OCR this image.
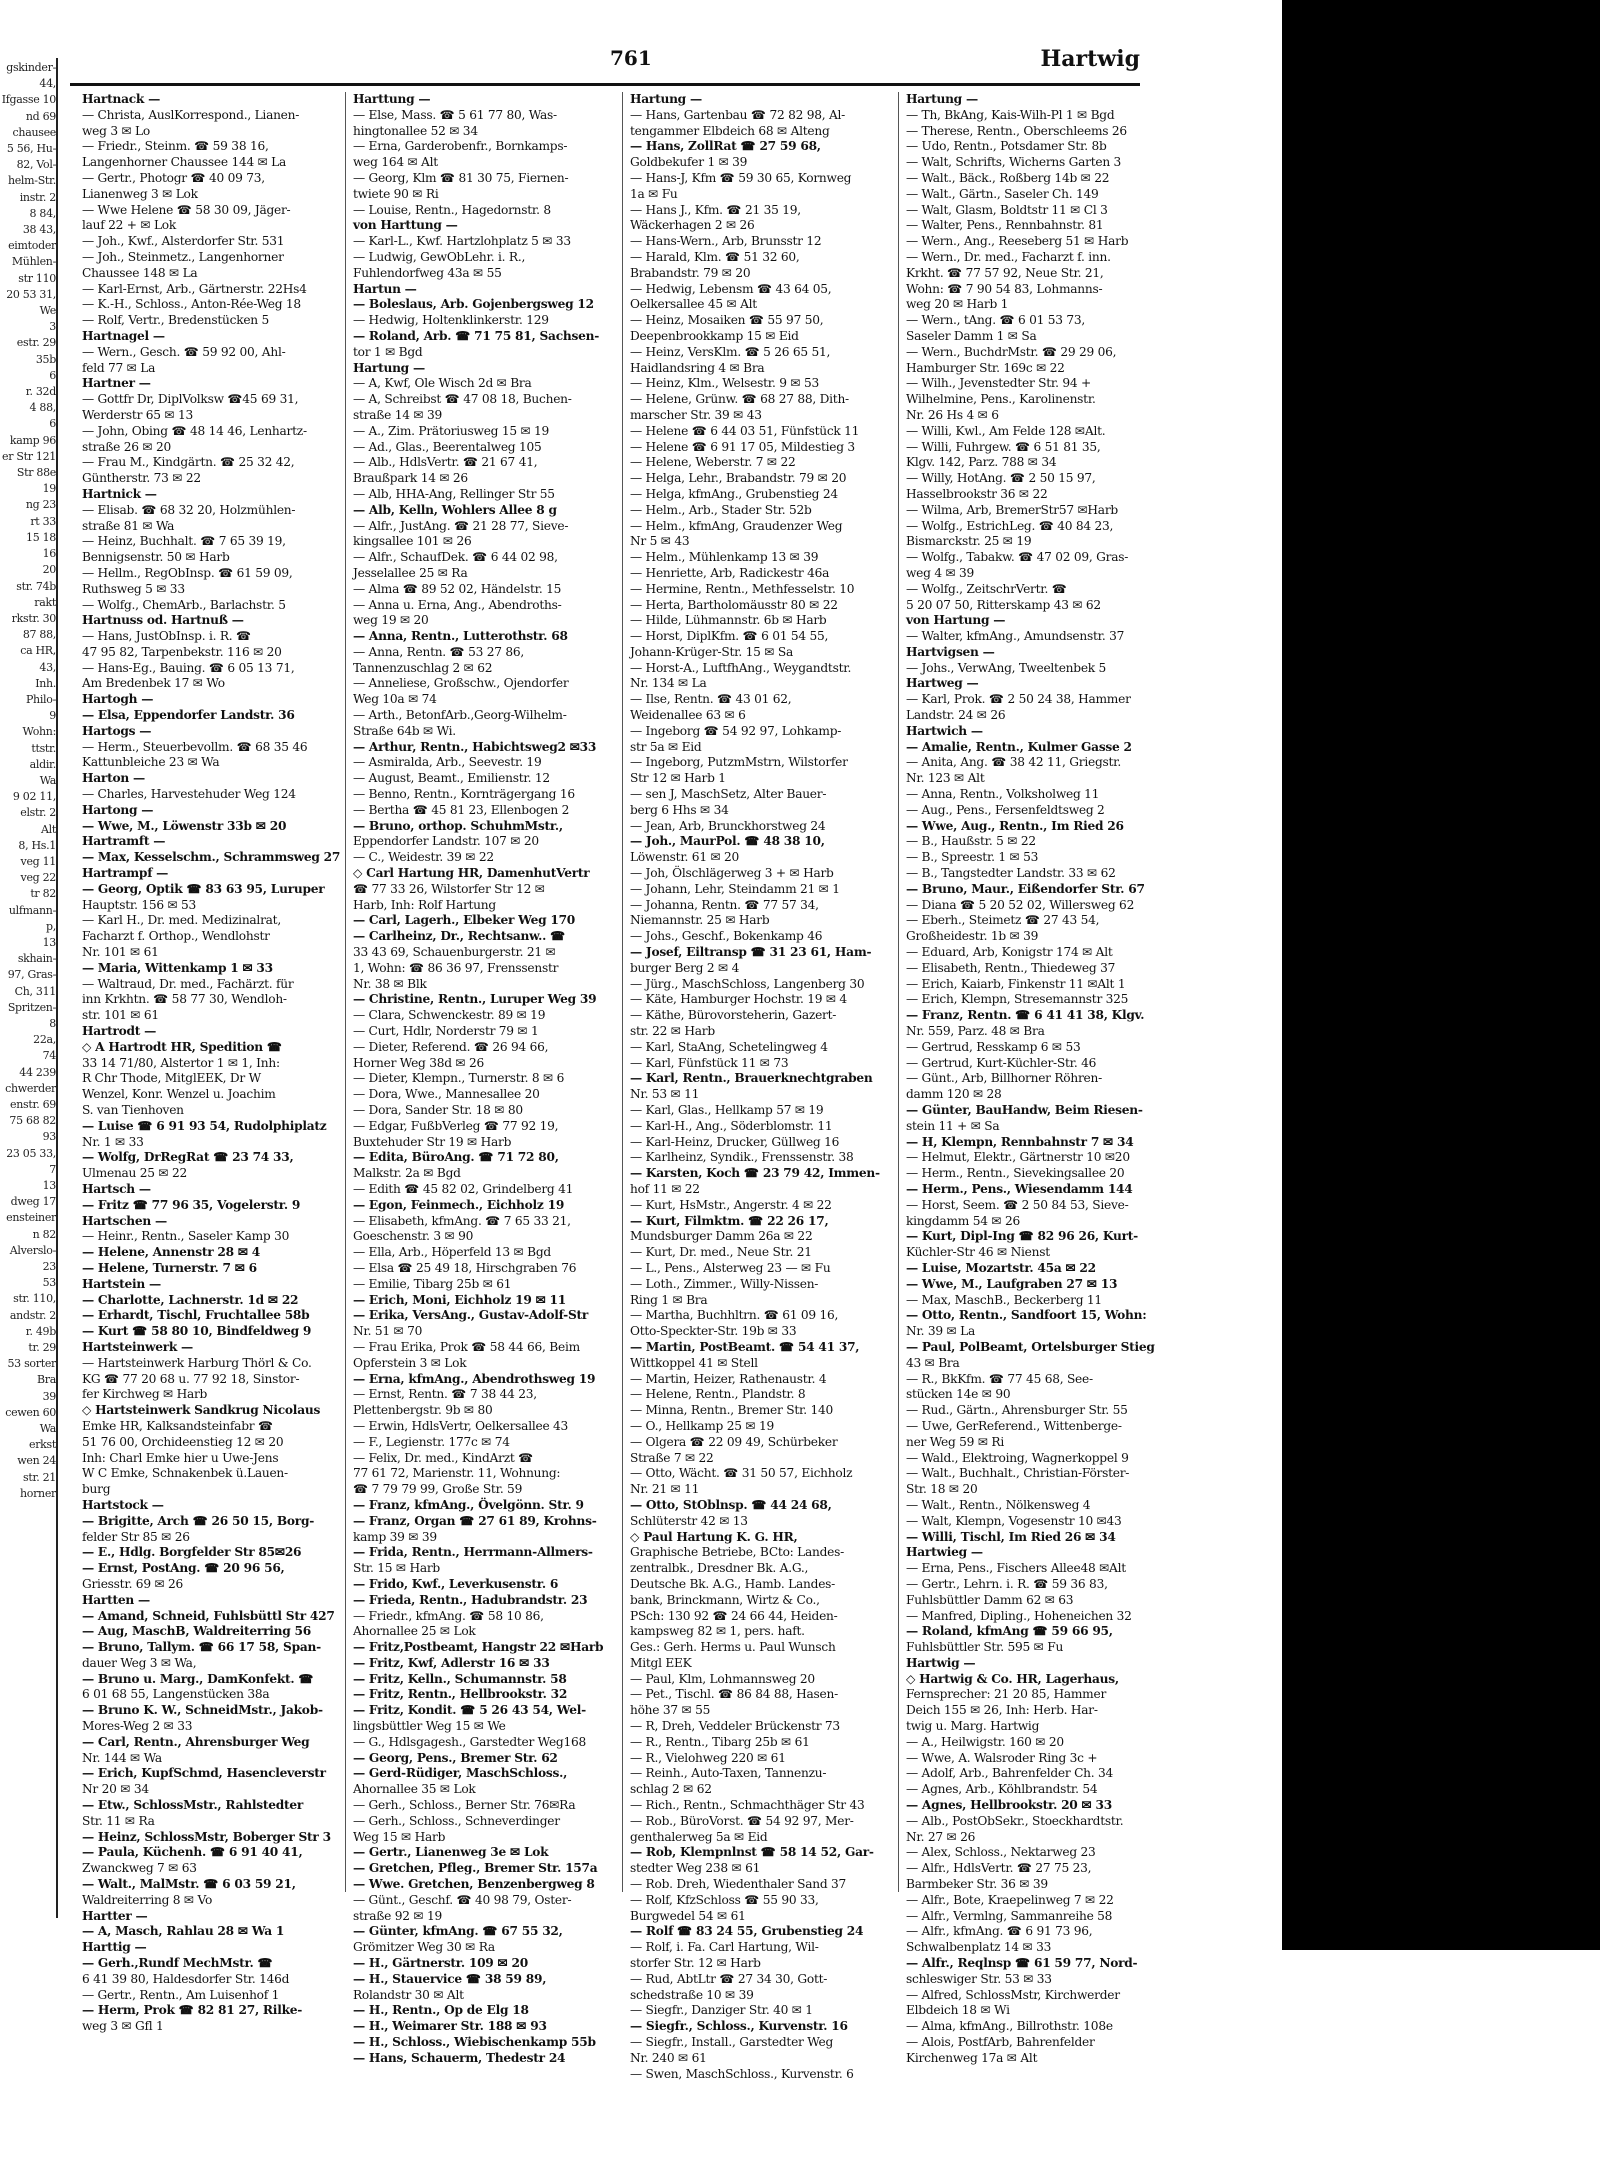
gskinder-
44,
Ifgasse 10
nd 69
chausee
5 56, Hu-
82, Vol-
helm-Str.
instr. 2
8 84,
38 43,
eimtoder
Mühlen-
str 110
20 53 31,
We
3
estr. 29
35b
6
r. 32d
4 88,
6
kamp 96
er Str 121
Str 88e
19
ng 23
rt 33
15 18
16
20
str. 74b
rakt
rkstr. 30
87 88,
ca HR,
43,
Inh.
Philo-
9
Wohn:
ttstr.
aldir.
Wa
9 02 11,
elstr. 2
Alt
8, Hs.1
veg 11
veg 22
tr 82
ulfmann-
p,
13
skhain-
97, Gras-
Ch, 311
Spritzen-
8
22a,
74
44 239
chwerder
enstr. 69
75 68 82
93
23 05 33,
7
13
dweg 17
ensteiner
n 82
Alverslo-
23
53
str. 110,
andstr. 2
r. 49b
tr. 29
53 sorter
Bra
39
cewen 60
Wa
erkst
wen 24
str. 21
horner
761	Hartwig
Hartnack —
— Christa, AuslKorrespond., Lianen-
weg 3 ✉ Lo
— Friedr., Steinm. ☎ 59 38 16,
Langenhorner Chaussee 144 ✉ La
— Gertr., Photogr ☎ 40 09 73,
Lianenweg 3 ✉ Lok
— Wwe Helene ☎ 58 30 09, Jäger-
lauf 22 + ✉ Lok
— Joh., Kwf., Alsterdorfer Str. 531
— Joh., Steinmetz., Langenhorner
Chaussee 148 ✉ La
— Karl-Ernst, Arb., Gärtnerstr. 22Hs4
— K.-H., Schloss., Anton-Rée-Weg 18
— Rolf, Vertr., Bredenstücken 5
Hartnagel —
— Wern., Gesch. ☎ 59 92 00, Ahl-
feld 77 ✉ La
Hartner —
— Gottfr Dr, DiplVolksw ☎45 69 31,
Werderstr 65 ✉ 13
— John, Obing ☎ 48 14 46, Lenhartz-
straße 26 ✉ 20
— Frau M., Kindgärtn. ☎ 25 32 42,
Güntherstr. 73 ✉ 22
Hartnick —
— Elisab. ☎ 68 32 20, Holzmühlen-
straße 81 ✉ Wa
— Heinz, Buchhalt. ☎ 7 65 39 19,
Bennigsenstr. 50 ✉ Harb
— Hellm., RegObInsp. ☎ 61 59 09,
Ruthsweg 5 ✉ 33
— Wolfg., ChemArb., Barlachstr. 5
Hartnuss od. Hartnuß —
— Hans, JustObInsp. i. R. ☎
47 95 82, Tarpenbekstr. 116 ✉ 20
— Hans-Eg., Bauing. ☎ 6 05 13 71,
Am Bredenbek 17 ✉ Wo
Hartogh —
— Elsa, Eppendorfer Landstr. 36
Hartogs —
— Herm., Steuerbevollm. ☎ 68 35 46
Kattunbleiche 23 ✉ Wa
Harton —
— Charles, Harvestehuder Weg 124
Hartong —
— Wwe, M., Löwenstr 33b ✉ 20
Hartramft —
— Max, Kesselschm., Schrammsweg 27
Hartrampf —
— Georg, Optik ☎ 83 63 95, Luruper
Hauptstr. 156 ✉ 53
— Karl H., Dr. med. Medizinalrat,
Facharzt f. Orthop., Wendlohstr
Nr. 101 ✉ 61
— Maria, Wittenkamp 1 ✉ 33
— Waltraud, Dr. med., Fachärzt. für
inn Krkhtn. ☎ 58 77 30, Wendloh-
str. 101 ✉ 61
Hartrodt —
◇ A Hartrodt HR, Spedition ☎
33 14 71/80, Alstertor 1 ✉ 1, Inh:
R Chr Thode, MitglEEK, Dr W
Wenzel, Konr. Wenzel u. Joachim
S. van Tienhoven
— Luise ☎ 6 91 93 54, Rudolphiplatz
Nr. 1 ✉ 33
— Wolfg, DrRegRat ☎ 23 74 33,
Ulmenau 25 ✉ 22
Hartsch —
— Fritz ☎ 77 96 35, Vogelerstr. 9
Hartschen —
— Heinr., Rentn., Saseler Kamp 30
— Helene, Annenstr 28 ✉ 4
— Helene, Turnerstr. 7 ✉ 6
Hartstein —
— Charlotte, Lachnerstr. 1d ✉ 22
— Erhardt, Tischl, Fruchtallee 58b
— Kurt ☎ 58 80 10, Bindfeldweg 9
Hartsteinwerk —
— Hartsteinwerk Harburg Thörl & Co.
KG ☎ 77 20 68 u. 77 92 18, Sinstor-
fer Kirchweg ✉ Harb
◇ Hartsteinwerk Sandkrug Nicolaus
Emke HR, Kalksandsteinfabr ☎
51 76 00, Orchideenstieg 12 ✉ 20
Inh: Charl Emke hier u Uwe-Jens
W C Emke, Schnakenbek ü.Lauen-
burg
Hartstock —
— Brigitte, Arch ☎ 26 50 15, Borg-
felder Str 85 ✉ 26
— E., Hdlg. Borgfelder Str 85✉26
— Ernst, PostAng. ☎ 20 96 56,
Griesstr. 69 ✉ 26
Hartten —
— Amand, Schneid, Fuhlsbüttl Str 427
— Aug, MaschB, Waldreiterring 56
— Bruno, Tallym. ☎ 66 17 58, Span-
dauer Weg 3 ✉ Wa,
— Bruno u. Marg., DamKonfekt. ☎
6 01 68 55, Langenstücken 38a
— Bruno K. W., SchneidMstr., Jakob-
Mores-Weg 2 ✉ 33
— Carl, Rentn., Ahrensburger Weg
Nr. 144 ✉ Wa
— Erich, KupfSchmd, Hasencleverstr
Nr 20 ✉ 34
— Etw., SchlossMstr., Rahlstedter
Str. 11 ✉ Ra
— Heinz, SchlossMstr, Boberger Str 3
— Paula, Küchenh. ☎ 6 91 40 41,
Zwanckweg 7 ✉ 63
— Walt., MalMstr. ☎ 6 03 59 21,
Waldreiterring 8 ✉ Vo
Hartter —
— A, Masch, Rahlau 28 ✉ Wa 1
Harttig —
— Gerh.,Rundf MechMstr. ☎
6 41 39 80, Haldesdorfer Str. 146d
— Gertr., Rentn., Am Luisenhof 1
— Herm, Prok ☎ 82 81 27, Rilke-
weg 3 ✉ Gfl 1
Harttung —
— Else, Mass. ☎ 5 61 77 80, Was-
hingtonallee 52 ✉ 34
— Erna, Garderobenfr., Bornkamps-
weg 164 ✉ Alt
— Georg, Klm ☎ 81 30 75, Fiernen-
twiete 90 ✉ Ri
— Louise, Rentn., Hagedornstr. 8
von Harttung —
— Karl-L., Kwf. Hartzlohplatz 5 ✉ 33
— Ludwig, GewObLehr. i. R.,
Fuhlendorfweg 43a ✉ 55
Hartun —
— Boleslaus, Arb. Gojenbergsweg 12
— Hedwig, Holtenklinkerstr. 129
— Roland, Arb. ☎ 71 75 81, Sachsen-
tor 1 ✉ Bgd
Hartung —
— A, Kwf, Ole Wisch 2d ✉ Bra
— A, Schreibst ☎ 47 08 18, Buchen-
straße 14 ✉ 39
— A., Zim. Prätoriusweg 15 ✉ 19
— Ad., Glas., Beerentalweg 105
— Alb., HdlsVertr. ☎ 21 67 41,
Braußpark 14 ✉ 26
— Alb, HHA-Ang, Rellinger Str 55
— Alb, Kelln, Wohlers Allee 8 g
— Alfr., JustAng. ☎ 21 28 77, Sieve-
kingsallee 101 ✉ 26
— Alfr., SchaufDek. ☎ 6 44 02 98,
Jesselallee 25 ✉ Ra
— Alma ☎ 89 52 02, Händelstr. 15
— Anna u. Erna, Ang., Abendroths-
weg 19 ✉ 20
— Anna, Rentn., Lutterothstr. 68
— Anna, Rentn. ☎ 53 27 86,
Tannenzuschlag 2 ✉ 62
— Anneliese, Großschw., Ojendorfer
Weg 10a ✉ 74
— Arth., BetonfArb.,Georg-Wilhelm-
Straße 64b ✉ Wi.
— Arthur, Rentn., Habichtsweg2 ✉33
— Asmiralda, Arb., Seevestr. 19
— August, Beamt., Emilienstr. 12
— Benno, Rentn., Kornträgergang 16
— Bertha ☎ 45 81 23, Ellenbogen 2
— Bruno, orthop. SchuhmMstr.,
Eppendorfer Landstr. 107 ✉ 20
— C., Weidestr. 39 ✉ 22
◇ Carl Hartung HR, DamenhutVertr
☎ 77 33 26, Wilstorfer Str 12 ✉
Harb, Inh: Rolf Hartung
— Carl, Lagerh., Elbeker Weg 170
— Carlheinz, Dr., Rechtsanw.. ☎
33 43 69, Schauenburgerstr. 21 ✉
1, Wohn: ☎ 86 36 97, Frenssenstr
Nr. 38 ✉ Blk
— Christine, Rentn., Luruper Weg 39
— Clara, Schwenckestr. 89 ✉ 19
— Curt, Hdlr, Norderstr 79 ✉ 1
— Dieter, Referend. ☎ 26 94 66,
Horner Weg 38d ✉ 26
— Dieter, Klempn., Turnerstr. 8 ✉ 6
— Dora, Wwe., Mannesallee 20
— Dora, Sander Str. 18 ✉ 80
— Edgar, FußbVerleg ☎ 77 92 19,
Buxtehuder Str 19 ✉ Harb
— Edita, BüroAng. ☎ 71 72 80,
Malkstr. 2a ✉ Bgd
— Edith ☎ 45 82 02, Grindelberg 41
— Egon, Feinmech., Eichholz 19
— Elisabeth, kfmAng. ☎ 7 65 33 21,
Goeschenstr. 3 ✉ 90
— Ella, Arb., Höperfeld 13 ✉ Bgd
— Elsa ☎ 25 49 18, Hirschgraben 76
— Emilie, Tibarg 25b ✉ 61
— Erich, Moni, Eichholz 19 ✉ 11
— Erika, VersAng., Gustav-Adolf-Str
Nr. 51 ✉ 70
— Frau Erika, Prok ☎ 58 44 66, Beim
Opferstein 3 ✉ Lok
— Erna, kfmAng., Abendrothsweg 19
— Ernst, Rentn. ☎ 7 38 44 23,
Plettenbergstr. 9b ✉ 80
— Erwin, HdlsVertr, Oelkersallee 43
— F., Legienstr. 177c ✉ 74
— Felix, Dr. med., KindArzt ☎
77 61 72, Marienstr. 11, Wohnung:
☎ 7 79 79 99, Große Str. 59
— Franz, kfmAng., Övelgönn. Str. 9
— Franz, Organ ☎ 27 61 89, Krohns-
kamp 39 ✉ 39
— Frida, Rentn., Herrmann-Allmers-
Str. 15 ✉ Harb
— Frido, Kwf., Leverkusenstr. 6
— Frieda, Rentn., Hadubrandstr. 23
— Friedr., kfmAng. ☎ 58 10 86,
Ahornallee 25 ✉ Lok
— Fritz,Postbeamt, Hangstr 22 ✉Harb
— Fritz, Kwf, Adlerstr 16 ✉ 33
— Fritz, Kelln., Schumannstr. 58
— Fritz, Rentn., Hellbrookstr. 32
— Fritz, Kondit. ☎ 5 26 43 54, Wel-
lingsbüttler Weg 15 ✉ We
— G., Hdlsgagesh., Garstedter Weg168
— Georg, Pens., Bremer Str. 62
— Gerd-Rüdiger, MaschSchloss.,
Ahornallee 35 ✉ Lok
— Gerh., Schloss., Berner Str. 76✉Ra
— Gerh., Schloss., Schneverdinger
Weg 15 ✉ Harb
— Gertr., Lianenweg 3e ✉ Lok
— Gretchen, Pfleg., Bremer Str. 157a
— Wwe. Gretchen, Benzenbergweg 8
— Günt., Geschf. ☎ 40 98 79, Oster-
straße 92 ✉ 19
— Günter, kfmAng. ☎ 67 55 32,
Grömitzer Weg 30 ✉ Ra
— H., Gärtnerstr. 109 ✉ 20
— H., Stauervice ☎ 38 59 89,
Rolandstr 30 ✉ Alt
— H., Rentn., Op de Elg 18
— H., Weimarer Str. 188 ✉ 93
— H., Schloss., Wiebischenkamp 55b
— Hans, Schauerm, Thedestr 24
Hartung —
— Hans, Gartenbau ☎ 72 82 98, Al-
tengammer Elbdeich 68 ✉ Alteng
— Hans, ZollRat ☎ 27 59 68,
Goldbekufer 1 ✉ 39
— Hans-J, Kfm ☎ 59 30 65, Kornweg
1a ✉ Fu
— Hans J., Kfm. ☎ 21 35 19,
Wäckerhagen 2 ✉ 26
— Hans-Wern., Arb, Brunsstr 12
— Harald, Klm. ☎ 51 32 60,
Brabandstr. 79 ✉ 20
— Hedwig, Lebensm ☎ 43 64 05,
Oelkersallee 45 ✉ Alt
— Heinz, Mosaiken ☎ 55 97 50,
Deepenbrookkamp 15 ✉ Eid
— Heinz, VersKlm. ☎ 5 26 65 51,
Haidlandsring 4 ✉ Bra
— Heinz, Klm., Welsestr. 9 ✉ 53
— Helene, Grünw. ☎ 68 27 88, Dith-
marscher Str. 39 ✉ 43
— Helene ☎ 6 44 03 51, Fünfstück 11
— Helene ☎ 6 91 17 05, Mildestieg 3
— Helene, Weberstr. 7 ✉ 22
— Helga, Lehr., Brabandstr. 79 ✉ 20
— Helga, kfmAng., Grubenstieg 24
— Helm., Arb., Stader Str. 52b
— Helm., kfmAng, Graudenzer Weg
Nr 5 ✉ 43
— Helm., Mühlenkamp 13 ✉ 39
— Henriette, Arb, Radickestr 46a
— Hermine, Rentn., Methfesselstr. 10
— Herta, Bartholomäusstr 80 ✉ 22
— Hilde, Lühmannstr. 6b ✉ Harb
— Horst, DiplKfm. ☎ 6 01 54 55,
Johann-Krüger-Str. 15 ✉ Sa
— Horst-A., LuftfhAng., Weygandtstr.
Nr. 134 ✉ La
— Ilse, Rentn. ☎ 43 01 62,
Weidenallee 63 ✉ 6
— Ingeborg ☎ 54 92 97, Lohkamp-
str 5a ✉ Eid
— Ingeborg, PutzmMstrn, Wilstorfer
Str 12 ✉ Harb 1
— sen J, MaschSetz, Alter Bauer-
berg 6 Hhs ✉ 34
— Jean, Arb, Brunckhorstweg 24
— Joh., MaurPol. ☎ 48 38 10,
Löwenstr. 61 ✉ 20
— Joh, Ölschlägerweg 3 + ✉ Harb
— Johann, Lehr, Steindamm 21 ✉ 1
— Johanna, Rentn. ☎ 77 57 34,
Niemannstr. 25 ✉ Harb
— Johs., Geschf., Bokenkamp 46
— Josef, Eiltransp ☎ 31 23 61, Ham-
burger Berg 2 ✉ 4
— Jürg., MaschSchloss, Langenberg 30
— Käte, Hamburger Hochstr. 19 ✉ 4
— Käthe, Bürovorsteherin, Gazert-
str. 22 ✉ Harb
— Karl, StaAng, Schetelingweg 4
— Karl, Fünfstück 11 ✉ 73
— Karl, Rentn., Brauerknechtgraben
Nr. 53 ✉ 11
— Karl, Glas., Hellkamp 57 ✉ 19
— Karl-H., Ang., Söderblomstr. 11
— Karl-Heinz, Drucker, Güllweg 16
— Karlheinz, Syndik., Frenssenstr. 38
— Karsten, Koch ☎ 23 79 42, Immen-
hof 11 ✉ 22
— Kurt, HsMstr., Angerstr. 4 ✉ 22
— Kurt, Filmktm. ☎ 22 26 17,
Mundsburger Damm 26a ✉ 22
— Kurt, Dr. med., Neue Str. 21
— L., Pens., Alsterweg 23 — ✉ Fu
— Loth., Zimmer., Willy-Nissen-
Ring 1 ✉ Bra
— Martha, Buchhltrn. ☎ 61 09 16,
Otto-Speckter-Str. 19b ✉ 33
— Martin, PostBeamt. ☎ 54 41 37,
Wittkoppel 41 ✉ Stell
— Martin, Heizer, Rathenaustr. 4
— Helene, Rentn., Plandstr. 8
— Minna, Rentn., Bremer Str. 140
— O., Hellkamp 25 ✉ 19
— Olgera ☎ 22 09 49, Schürbeker
Straße 7 ✉ 22
— Otto, Wächt. ☎ 31 50 57, Eichholz
Nr. 21 ✉ 11
— Otto, StOblnsp. ☎ 44 24 68,
Schlüterstr 42 ✉ 13
◇ Paul Hartung K. G. HR,
Graphische Betriebe, BCto: Landes-
zentralbk., Dresdner Bk. A.G.,
Deutsche Bk. A.G., Hamb. Landes-
bank, Brinckmann, Wirtz & Co.,
PSch: 130 92 ☎ 24 66 44, Heiden-
kampsweg 82 ✉ 1, pers. haft.
Ges.: Gerh. Herms u. Paul Wunsch
Mitgl EEK
— Paul, Klm, Lohmannsweg 20
— Pet., Tischl. ☎ 86 84 88, Hasen-
höhe 37 ✉ 55
— R, Dreh, Veddeler Brückenstr 73
— R., Rentn., Tibarg 25b ✉ 61
— R., Vielohweg 220 ✉ 61
— Reinh., Auto-Taxen, Tannenzu-
schlag 2 ✉ 62
— Rich., Rentn., Schmachthäger Str 43
— Rob., BüroVorst. ☎ 54 92 97, Mer-
genthalerweg 5a ✉ Eid
— Rob, Klempnlnst ☎ 58 14 52, Gar-
stedter Weg 238 ✉ 61
— Rob. Dreh, Wiedenthaler Sand 37
— Rolf, KfzSchloss ☎ 55 90 33,
Burgwedel 54 ✉ 61
— Rolf ☎ 83 24 55, Grubenstieg 24
— Rolf, i. Fa. Carl Hartung, Wil-
storfer Str. 12 ✉ Harb
— Rud, AbtLtr ☎ 27 34 30, Gott-
schedstraße 10 ✉ 39
— Siegfr., Danziger Str. 40 ✉ 1
— Siegfr., Schloss., Kurvenstr. 16
— Siegfr., Install., Garstedter Weg
Nr. 240 ✉ 61
— Swen, MaschSchloss., Kurvenstr. 6
Hartung —
— Th, BkAng, Kais-Wilh-Pl 1 ✉ Bgd
— Therese, Rentn., Oberschleems 26
— Udo, Rentn., Potsdamer Str. 8b
— Walt, Schrifts, Wicherns Garten 3
— Walt., Bäck., Roßberg 14b ✉ 22
— Walt., Gärtn., Saseler Ch. 149
— Walt, Glasm, Boldtstr 11 ✉ Cl 3
— Walter, Pens., Rennbahnstr. 81
— Wern., Ang., Reeseberg 51 ✉ Harb
— Wern., Dr. med., Facharzt f. inn.
Krkht. ☎ 77 57 92, Neue Str. 21,
Wohn: ☎ 7 90 54 83, Lohmanns-
weg 20 ✉ Harb 1
— Wern., tAng. ☎ 6 01 53 73,
Saseler Damm 1 ✉ Sa
— Wern., BuchdrMstr. ☎ 29 29 06,
Hamburger Str. 169c ✉ 22
— Wilh., Jevenstedter Str. 94 +
Wilhelmine, Pens., Karolinenstr.
Nr. 26 Hs 4 ✉ 6
— Willi, Kwl., Am Felde 128 ✉Alt.
— Willi, Fuhrgew. ☎ 6 51 81 35,
Klgv. 142, Parz. 788 ✉ 34
— Willy, HotAng. ☎ 2 50 15 97,
Hasselbrookstr 36 ✉ 22
— Wilma, Arb, BremerStr57 ✉Harb
— Wolfg., EstrichLeg. ☎ 40 84 23,
Bismarckstr. 25 ✉ 19
— Wolfg., Tabakw. ☎ 47 02 09, Gras-
weg 4 ✉ 39
— Wolfg., ZeitschrVertr. ☎
5 20 07 50, Ritterskamp 43 ✉ 62
von Hartung —
— Walter, kfmAng., Amundsenstr. 37
Hartvigsen —
— Johs., VerwAng, Tweeltenbek 5
Hartweg —
— Karl, Prok. ☎ 2 50 24 38, Hammer
Landstr. 24 ✉ 26
Hartwich —
— Amalie, Rentn., Kulmer Gasse 2
— Anita, Ang. ☎ 38 42 11, Griegstr.
Nr. 123 ✉ Alt
— Anna, Rentn., Volksholweg 11
— Aug., Pens., Fersenfeldtsweg 2
— Wwe, Aug., Rentn., Im Ried 26
— B., Haußstr. 5 ✉ 22
— B., Spreestr. 1 ✉ 53
— B., Tangstedter Landstr. 33 ✉ 62
— Bruno, Maur., Eißendorfer Str. 67
— Diana ☎ 5 20 52 02, Willersweg 62
— Eberh., Steimetz ☎ 27 43 54,
Großheidestr. 1b ✉ 39
— Eduard, Arb, Konigstr 174 ✉ Alt
— Elisabeth, Rentn., Thiedeweg 37
— Erich, Kaiarb, Finkenstr 11 ✉Alt 1
— Erich, Klempn, Stresemannstr 325
— Franz, Rentn. ☎ 6 41 41 38, Klgv.
Nr. 559, Parz. 48 ✉ Bra
— Gertrud, Resskamp 6 ✉ 53
— Gertrud, Kurt-Küchler-Str. 46
— Günt., Arb, Billhorner Röhren-
damm 120 ✉ 28
— Günter, BauHandw, Beim Riesen-
stein 11 + ✉ Sa
— H, Klempn, Rennbahnstr 7 ✉ 34
— Helmut, Elektr., Gärtnerstr 10 ✉20
— Herm., Rentn., Sievekingsallee 20
— Herm., Pens., Wiesendamm 144
— Horst, Seem. ☎ 2 50 84 53, Sieve-
kingdamm 54 ✉ 26
— Kurt, Dipl-Ing ☎ 82 96 26, Kurt-
Küchler-Str 46 ✉ Nienst
— Luise, Mozartstr. 45a ✉ 22
— Wwe, M., Laufgraben 27 ✉ 13
— Max, MaschB., Beckerberg 11
— Otto, Rentn., Sandfoort 15, Wohn:
Nr. 39 ✉ La
— Paul, PolBeamt, Ortelsburger Stieg
43 ✉ Bra
— R., BkKfm. ☎ 77 45 68, See-
stücken 14e ✉ 90
— Rud., Gärtn., Ahrensburger Str. 55
— Uwe, GerReferend., Wittenberge-
ner Weg 59 ✉ Ri
— Wald., Elektroing, Wagnerkoppel 9
— Walt., Buchhalt., Christian-Förster-
Str. 18 ✉ 20
— Walt., Rentn., Nölkensweg 4
— Walt, Klempn, Vogesenstr 10 ✉43
— Willi, Tischl, Im Ried 26 ✉ 34
Hartwieg —
— Erna, Pens., Fischers Allee48 ✉Alt
— Gertr., Lehrn. i. R. ☎ 59 36 83,
Fuhlsbüttler Damm 62 ✉ 63
— Manfred, Dipling., Hoheneichen 32
— Roland, kfmAng ☎ 59 66 95,
Fuhlsbüttler Str. 595 ✉ Fu
Hartwig —
◇ Hartwig & Co. HR, Lagerhaus,
Fernsprecher: 21 20 85, Hammer
Deich 155 ✉ 26, Inh: Herb. Har-
twig u. Marg. Hartwig
— A., Heilwigstr. 160 ✉ 20
— Wwe, A. Walsroder Ring 3c +
— Adolf, Arb., Bahrenfelder Ch. 34
— Agnes, Arb., Köhlbrandstr. 54
— Agnes, Hellbrookstr. 20 ✉ 33
— Alb., PostObSekr., Stoeckhardtstr.
Nr. 27 ✉ 26
— Alex, Schloss., Nektarweg 23
— Alfr., HdlsVertr. ☎ 27 75 23,
Barmbeker Str. 36 ✉ 39
— Alfr., Bote, Kraepelinweg 7 ✉ 22
— Alfr., Vermlng, Sammanreihe 58
— Alfr., kfmAng. ☎ 6 91 73 96,
Schwalbenplatz 14 ✉ 33
— Alfr., Reqlnsp ☎ 61 59 77, Nord-
schleswiger Str. 53 ✉ 33
— Alfred, SchlossMstr, Kirchwerder
Elbdeich 18 ✉ Wi
— Alma, kfmAng., Billrothstr. 108e
— Alois, PostfArb, Bahrenfelder
Kirchenweg 17a ✉ Alt
